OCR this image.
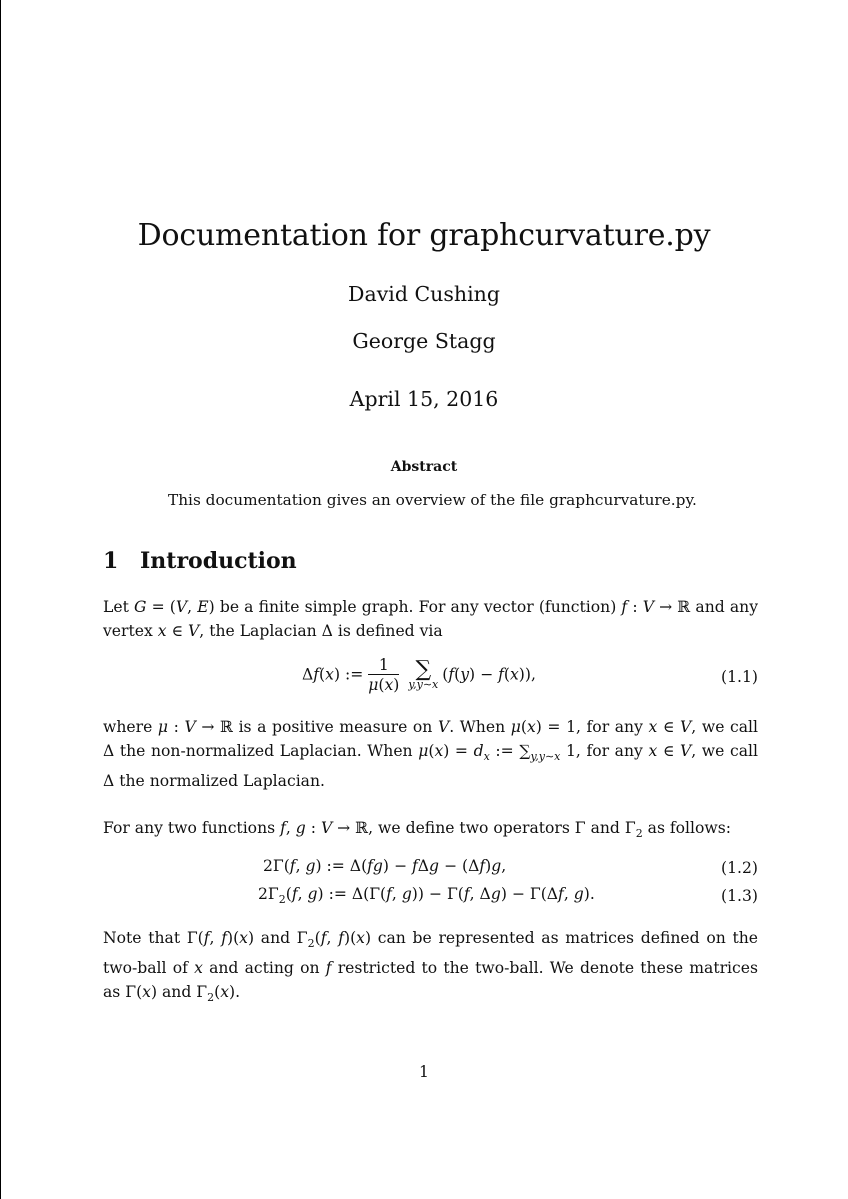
Documentation for graphcurvature.py
David Cushing
George Stagg
April 15, 2016
Abstract
This documentation gives an overview of the file graphcurvature.py.
1 Introduction
Let G = (V, E) be a finite simple graph. For any vector (function) f : V → ℝ and any vertex x ∈ V, the Laplacian Δ is defined via
Δf(x) := $\frac{1}{\mu(x)}$
∑
y,y∼x
(f(y) − f(x)),	(1.1)
where μ : V → ℝ is a positive measure on V. When μ(x) = 1, for any x ∈ V, we call Δ the non-normalized Laplacian. When $\mu(x) = d_x$ := $\sum_{y,y\sim x}$ 1, for any x ∈ V, we call Δ the normalized Laplacian.
For any two functions f, g : V → ℝ, we define two operators Γ and $\Gamma_2$ as follows:
2Γ(f, g) := Δ(fg) − fΔg − (Δf)g,	(1.2)
$2\Gamma_2(f$, g) := Δ(Γ(f, g)) − Γ(f, Δg) − Γ(Δf, g).	(1.3)
Note that Γ(f, f)(x) and $\Gamma_2(f$, f)(x) can be represented as matrices defined on the two-ball of x and acting on f restricted to the two-ball. We denote these matrices as Γ(x) and $\Gamma_2(x)$.
1
